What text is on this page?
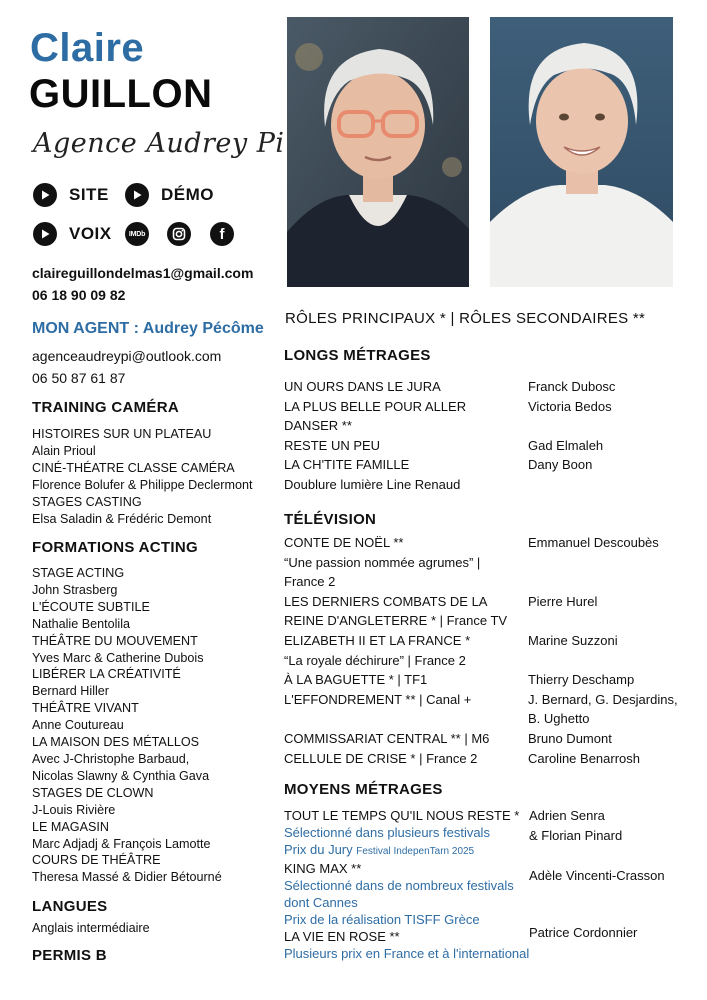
Claire
GUILLON
Agence Audrey Pi
SITE	DÉMO
VOIX IMDb	f
claireguillondelmas1@gmail.com
06 18 90 09 82
MON AGENT : Audrey Pécôme
agenceaudreypi@outlook.com
06 50 87 61 87
TRAINING CAMÉRA
HISTOIRES SUR UN PLATEAU
Alain Prioul
CINÉ-THÉATRE CLASSE CAMÉRA
Florence Bolufer & Philippe Declermont
STAGES CASTING
Elsa Saladin & Frédéric Demont
FORMATIONS ACTING
STAGE ACTING
John Strasberg
L'ÉCOUTE SUBTILE
Nathalie Bentolila
THÉÂTRE DU MOUVEMENT
Yves Marc & Catherine Dubois
LIBÉRER LA CRÉATIVITÉ
Bernard Hiller
THÉÂTRE VIVANT
Anne Coutureau
LA MAISON DES MÉTALLOS
Avec J-Christophe Barbaud,
Nicolas Slawny & Cynthia Gava
STAGES DE CLOWN
J-Louis Rivière
LE MAGASIN
Marc Adjadj & François Lamotte
COURS DE THÉÂTRE
Theresa Massé & Didier Bétourné
LANGUES
Anglais intermédiaire
PERMIS B
RÔLES PRINCIPAUX * | RÔLES SECONDAIRES **
LONGS MÉTRAGES
UN OURS DANS LE JURA
LA PLUS BELLE POUR ALLER
DANSER **
RESTE UN PEU
LA CH'TITE FAMILLE
Doublure lumière Line Renaud
Franck Dubosc
Victoria Bedos

Gad Elmaleh
Dany Boon

TÉLÉVISION
CONTE DE NOËL **
“Une passion nommée agrumes” |
France 2
LES DERNIERS COMBATS DE LA
REINE D'ANGLETERRE * | France TV
ELIZABETH II ET LA FRANCE *
“La royale déchirure” | France 2
À LA BAGUETTE * | TF1
L'EFFONDREMENT ** | Canal +

COMMISSARIAT CENTRAL ** | M6
CELLULE DE CRISE * | France 2
Emmanuel Descoubès

Pierre Hurel

Marine Suzzoni

Thierry Deschamp
J. Bernard, G. Desjardins,
B. Ughetto
Bruno Dumont
Caroline Benarrosh
MOYENS MÉTRAGES
TOUT LE TEMPS QU'IL NOUS RESTE *
Sélectionné dans plusieurs festivals
Prix du Jury Festival IndepenTarn 2025
KING MAX **
Sélectionné dans de nombreux festivals
dont Cannes
Prix de la réalisation TISFF Grèce
LA VIE EN ROSE **
Plusieurs prix en France et à l'international
Adrien Senra
& Florian Pinard
Adèle Vincenti-Crasson
Patrice Cordonnier
